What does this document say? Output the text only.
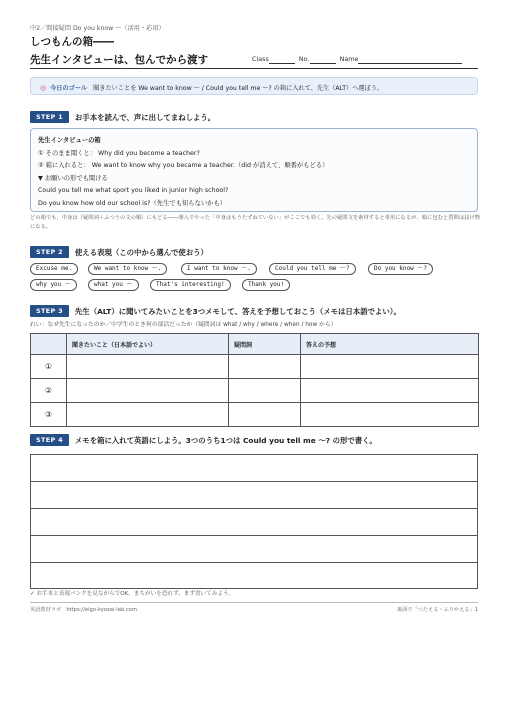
中2／間接疑問 Do you know ～（活用・応用）
しつもんの箱――
先生インタビューは、包んでから渡す	Class	No.	Name
◎ 今日のゴール 聞きたいことを We want to know ～ / Could you tell me ～? の箱に入れて、先生（ALT）へ運ぼう。
STEP 1	お手本を読んで、声に出してまねしよう。
先生インタビューの箱
① そのまま聞くと： Why did you become a teacher?
② 箱に入れると： We want to know why you became a teacher.（did が消えて、順番がもどる）
▼ お願いの形でも聞ける
Could you tell me what sport you liked in junior high school?
Do you know how old our school is?（先生でも知らないかも）
どの箱でも、中身は（疑問詞＋ふつうの文の順）にもどる――導入でやった「中身はもうたずねていない」がここでも効く。先の疑問文を素材すると専用になるが、箱に包むと質問は届け物になる。
STEP 2	使える表現（この中から選んで使おう）
Excuse me.	We want to know ～.	I want to know ～.	Could you tell me ～?	Do you know ～?
why you ～	what you ～	That's interesting!	Thank you!
STEP 3	先生（ALT）に聞いてみたいことを3つメモして、答えを予想しておこう（メモは日本語でよい）。
れい：なぜ先生になったのか／中学生のとき何の部活だったか（疑問詞は what / why / where / when / how から）
	聞きたいこと（日本語でよい）	疑問詞	答えの予想
①			
②			
③			
STEP 4	メモを箱に入れて英語にしよう。3つのうち1つは Could you tell me ～? の形で書く。
✓ お手本と表現バンクを見ながらでOK。まちがいを恐れず、まず書いてみよう。
英語教材ラボ　https://eigo-kyozai-lab.com	裏面で「つたえる・ふりかえる」1
